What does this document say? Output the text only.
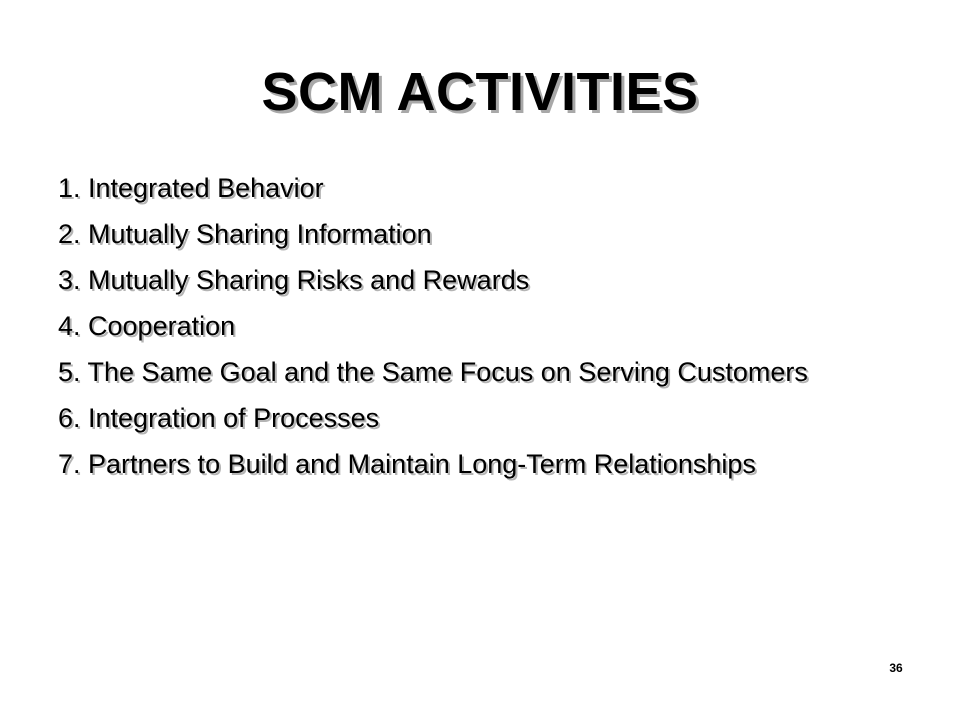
SCM ACTIVITIES
1. Integrated Behavior
2. Mutually Sharing Information
3. Mutually Sharing Risks and Rewards
4. Cooperation
5. The Same Goal and the Same Focus on Serving Customers
6. Integration of Processes
7. Partners to Build and Maintain Long-Term Relationships
36
